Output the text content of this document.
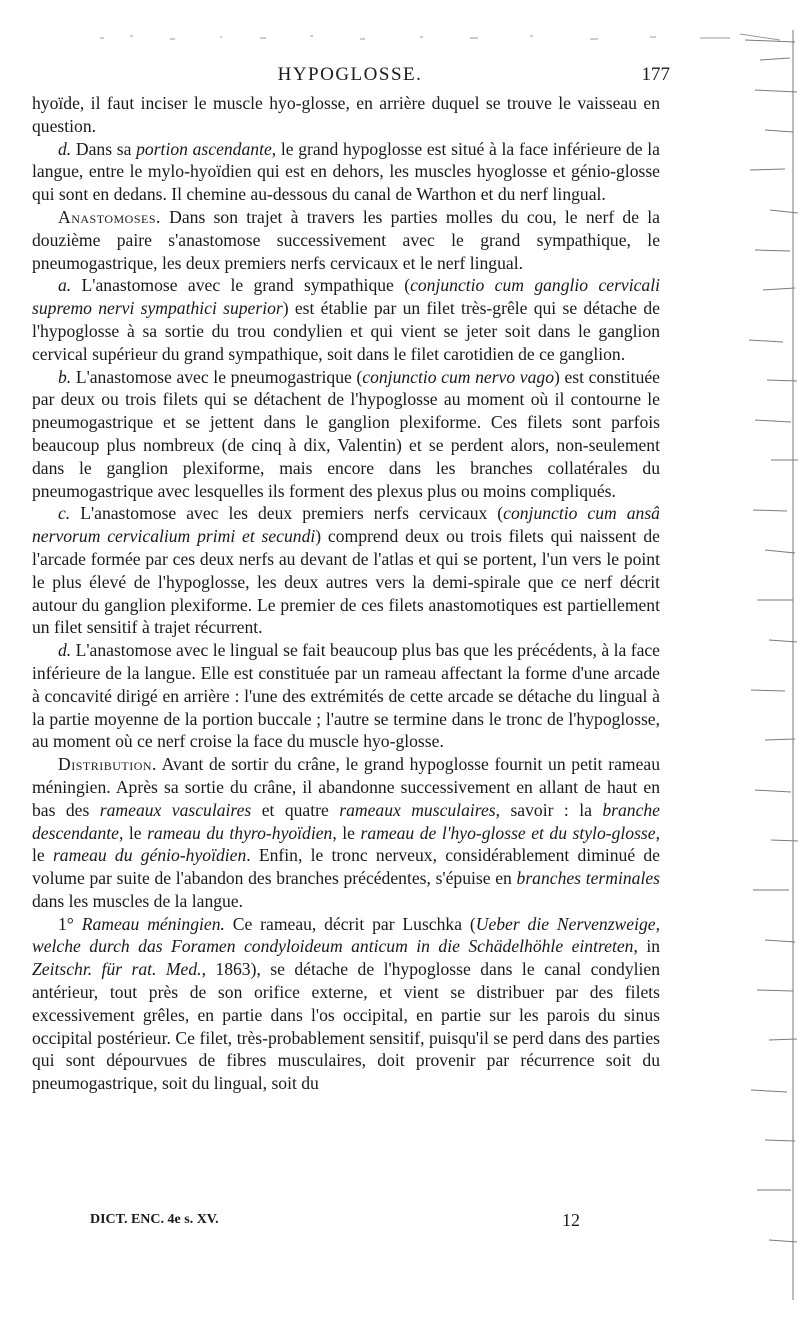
HYPOGLOSSE.	177

hyoïde, il faut inciser le muscle hyo-glosse, en arrière duquel se trouve le vaisseau en question.

d. Dans sa portion ascendante, le grand hypoglosse est situé à la face inférieure de la langue, entre le mylo-hyoïdien qui est en dehors, les muscles hyoglosse et génio-glosse qui sont en dedans. Il chemine au-dessous du canal de Warthon et du nerf lingual.

Anastomoses. Dans son trajet à travers les parties molles du cou, le nerf de la douzième paire s'anastomose successivement avec le grand sympathique, le pneumogastrique, les deux premiers nerfs cervicaux et le nerf lingual.

a. L'anastomose avec le grand sympathique (conjunctio cum ganglio cervicali supremo nervi sympathici superior) est établie par un filet très-grêle qui se détache de l'hypoglosse à sa sortie du trou condylien et qui vient se jeter soit dans le ganglion cervical supérieur du grand sympathique, soit dans le filet carotidien de ce ganglion.

b. L'anastomose avec le pneumogastrique (conjunctio cum nervo vago) est constituée par deux ou trois filets qui se détachent de l'hypoglosse au moment où il contourne le pneumogastrique et se jettent dans le ganglion plexiforme. Ces filets sont parfois beaucoup plus nombreux (de cinq à dix, Valentin) et se perdent alors, non-seulement dans le ganglion plexiforme, mais encore dans les branches collatérales du pneumogastrique avec lesquelles ils forment des plexus plus ou moins compliqués.

c. L'anastomose avec les deux premiers nerfs cervicaux (conjunctio cum ansâ nervorum cervicalium primi et secundi) comprend deux ou trois filets qui naissent de l'arcade formée par ces deux nerfs au devant de l'atlas et qui se portent, l'un vers le point le plus élevé de l'hypoglosse, les deux autres vers la demi-spirale que ce nerf décrit autour du ganglion plexiforme. Le premier de ces filets anastomotiques est partiellement un filet sensitif à trajet récurrent.

d. L'anastomose avec le lingual se fait beaucoup plus bas que les précédents, à la face inférieure de la langue. Elle est constituée par un rameau affectant la forme d'une arcade à concavité dirigé en arrière : l'une des extrémités de cette arcade se détache du lingual à la partie moyenne de la portion buccale ; l'autre se termine dans le tronc de l'hypoglosse, au moment où ce nerf croise la face du muscle hyo-glosse.

Distribution. Avant de sortir du crâne, le grand hypoglosse fournit un petit rameau méningien. Après sa sortie du crâne, il abandonne successivement en allant de haut en bas des rameaux vasculaires et quatre rameaux musculaires, savoir : la branche descendante, le rameau du thyro-hyoïdien, le rameau de l'hyo-glosse et du stylo-glosse, le rameau du génio-hyoïdien. Enfin, le tronc nerveux, considérablement diminué de volume par suite de l'abandon des branches précédentes, s'épuise en branches terminales dans les muscles de la langue.

1° Rameau méningien. Ce rameau, décrit par Luschka (Ueber die Nervenzweige, welche durch das Foramen condyloideum anticum in die Schädelhöhle eintreten, in Zeitschr. für rat. Med., 1863), se détache de l'hypoglosse dans le canal condylien antérieur, tout près de son orifice externe, et vient se distribuer par des filets excessivement grêles, en partie dans l'os occipital, en partie sur les parois du sinus occipital postérieur. Ce filet, très-probablement sensitif, puisqu'il se perd dans des parties qui sont dépourvues de fibres musculaires, doit provenir par récurrence soit du pneumogastrique, soit du lingual, soit du

DICT. ENC. 4e s. XV.	12
